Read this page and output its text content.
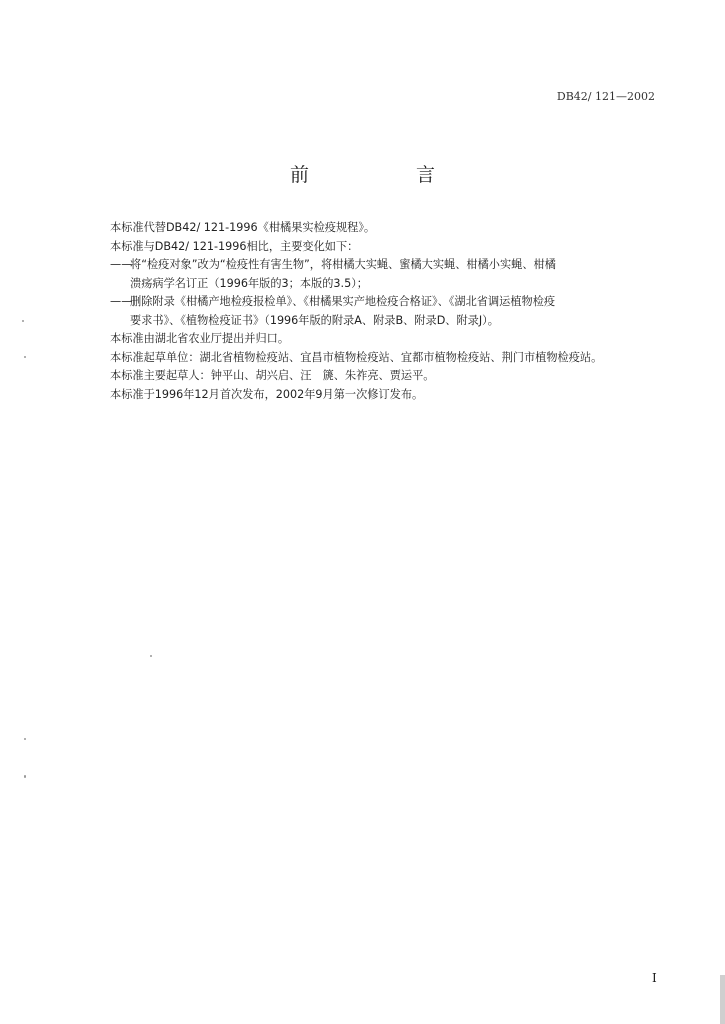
DB42/ 121—2002
前　言
本标准代替DB42/ 121-1996《柑橘果实检疫规程》。
本标准与DB42/ 121-1996相比，主要变化如下：
——
将“检疫对象”改为“检疫性有害生物”，将柑橘大实蝇、蜜橘大实蝇、柑橘小实蝇、柑橘
溃疡病学名订正（1996年版的3；本版的3.5）；
——
删除附录《柑橘产地检疫报检单》、《柑橘果实产地检疫合格证》、《湖北省调运植物检疫
要求书》、《植物检疫证书》（1996年版的附录A、附录B、附录D、附录J）。
本标准由湖北省农业厅提出并归口。
本标准起草单位：湖北省植物检疫站、宜昌市植物检疫站、宜都市植物检疫站、荆门市植物检疫站。
本标准主要起草人：钟平山、胡兴启、汪　篪、朱祚亮、贾运平。
本标准于1996年12月首次发布，2002年9月第一次修订发布。
I
